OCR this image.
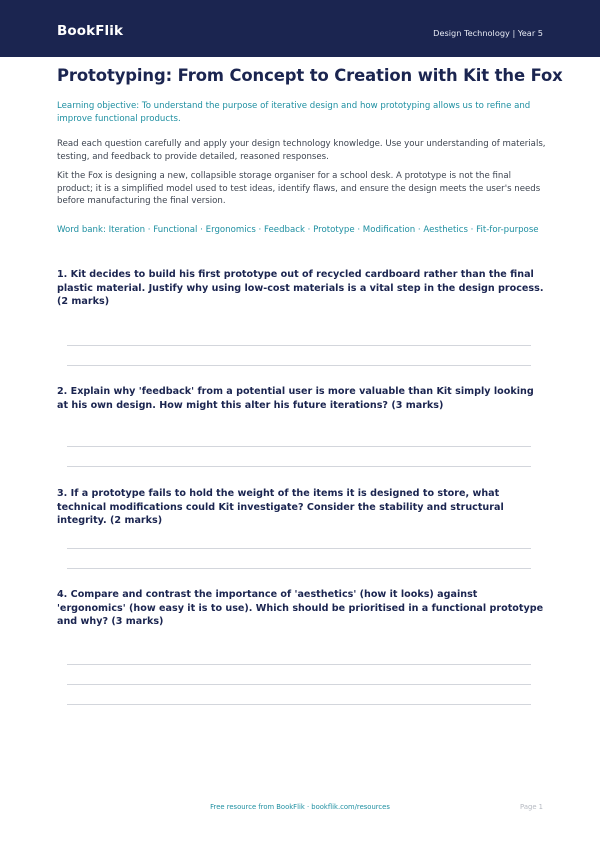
BookFlik	Design Technology | Year 5
Prototyping: From Concept to Creation with Kit the Fox
Learning objective: To understand the purpose of iterative design and how prototyping allows us to refine and improve functional products.
Read each question carefully and apply your design technology knowledge. Use your understanding of materials, testing, and feedback to provide detailed, reasoned responses.
Kit the Fox is designing a new, collapsible storage organiser for a school desk. A prototype is not the final product; it is a simplified model used to test ideas, identify flaws, and ensure the design meets the user's needs before manufacturing the final version.
Word bank: Iteration · Functional · Ergonomics · Feedback · Prototype · Modification · Aesthetics · Fit-for-purpose
1. Kit decides to build his first prototype out of recycled cardboard rather than the final plastic material. Justify why using low-cost materials is a vital step in the design process. (2 marks)
2. Explain why 'feedback' from a potential user is more valuable than Kit simply looking at his own design. How might this alter his future iterations? (3 marks)
3. If a prototype fails to hold the weight of the items it is designed to store, what technical modifications could Kit investigate? Consider the stability and structural integrity. (2 marks)
4. Compare and contrast the importance of 'aesthetics' (how it looks) against 'ergonomics' (how easy it is to use). Which should be prioritised in a functional prototype and why? (3 marks)
Free resource from BookFlik · bookflik.com/resources	Page 1
